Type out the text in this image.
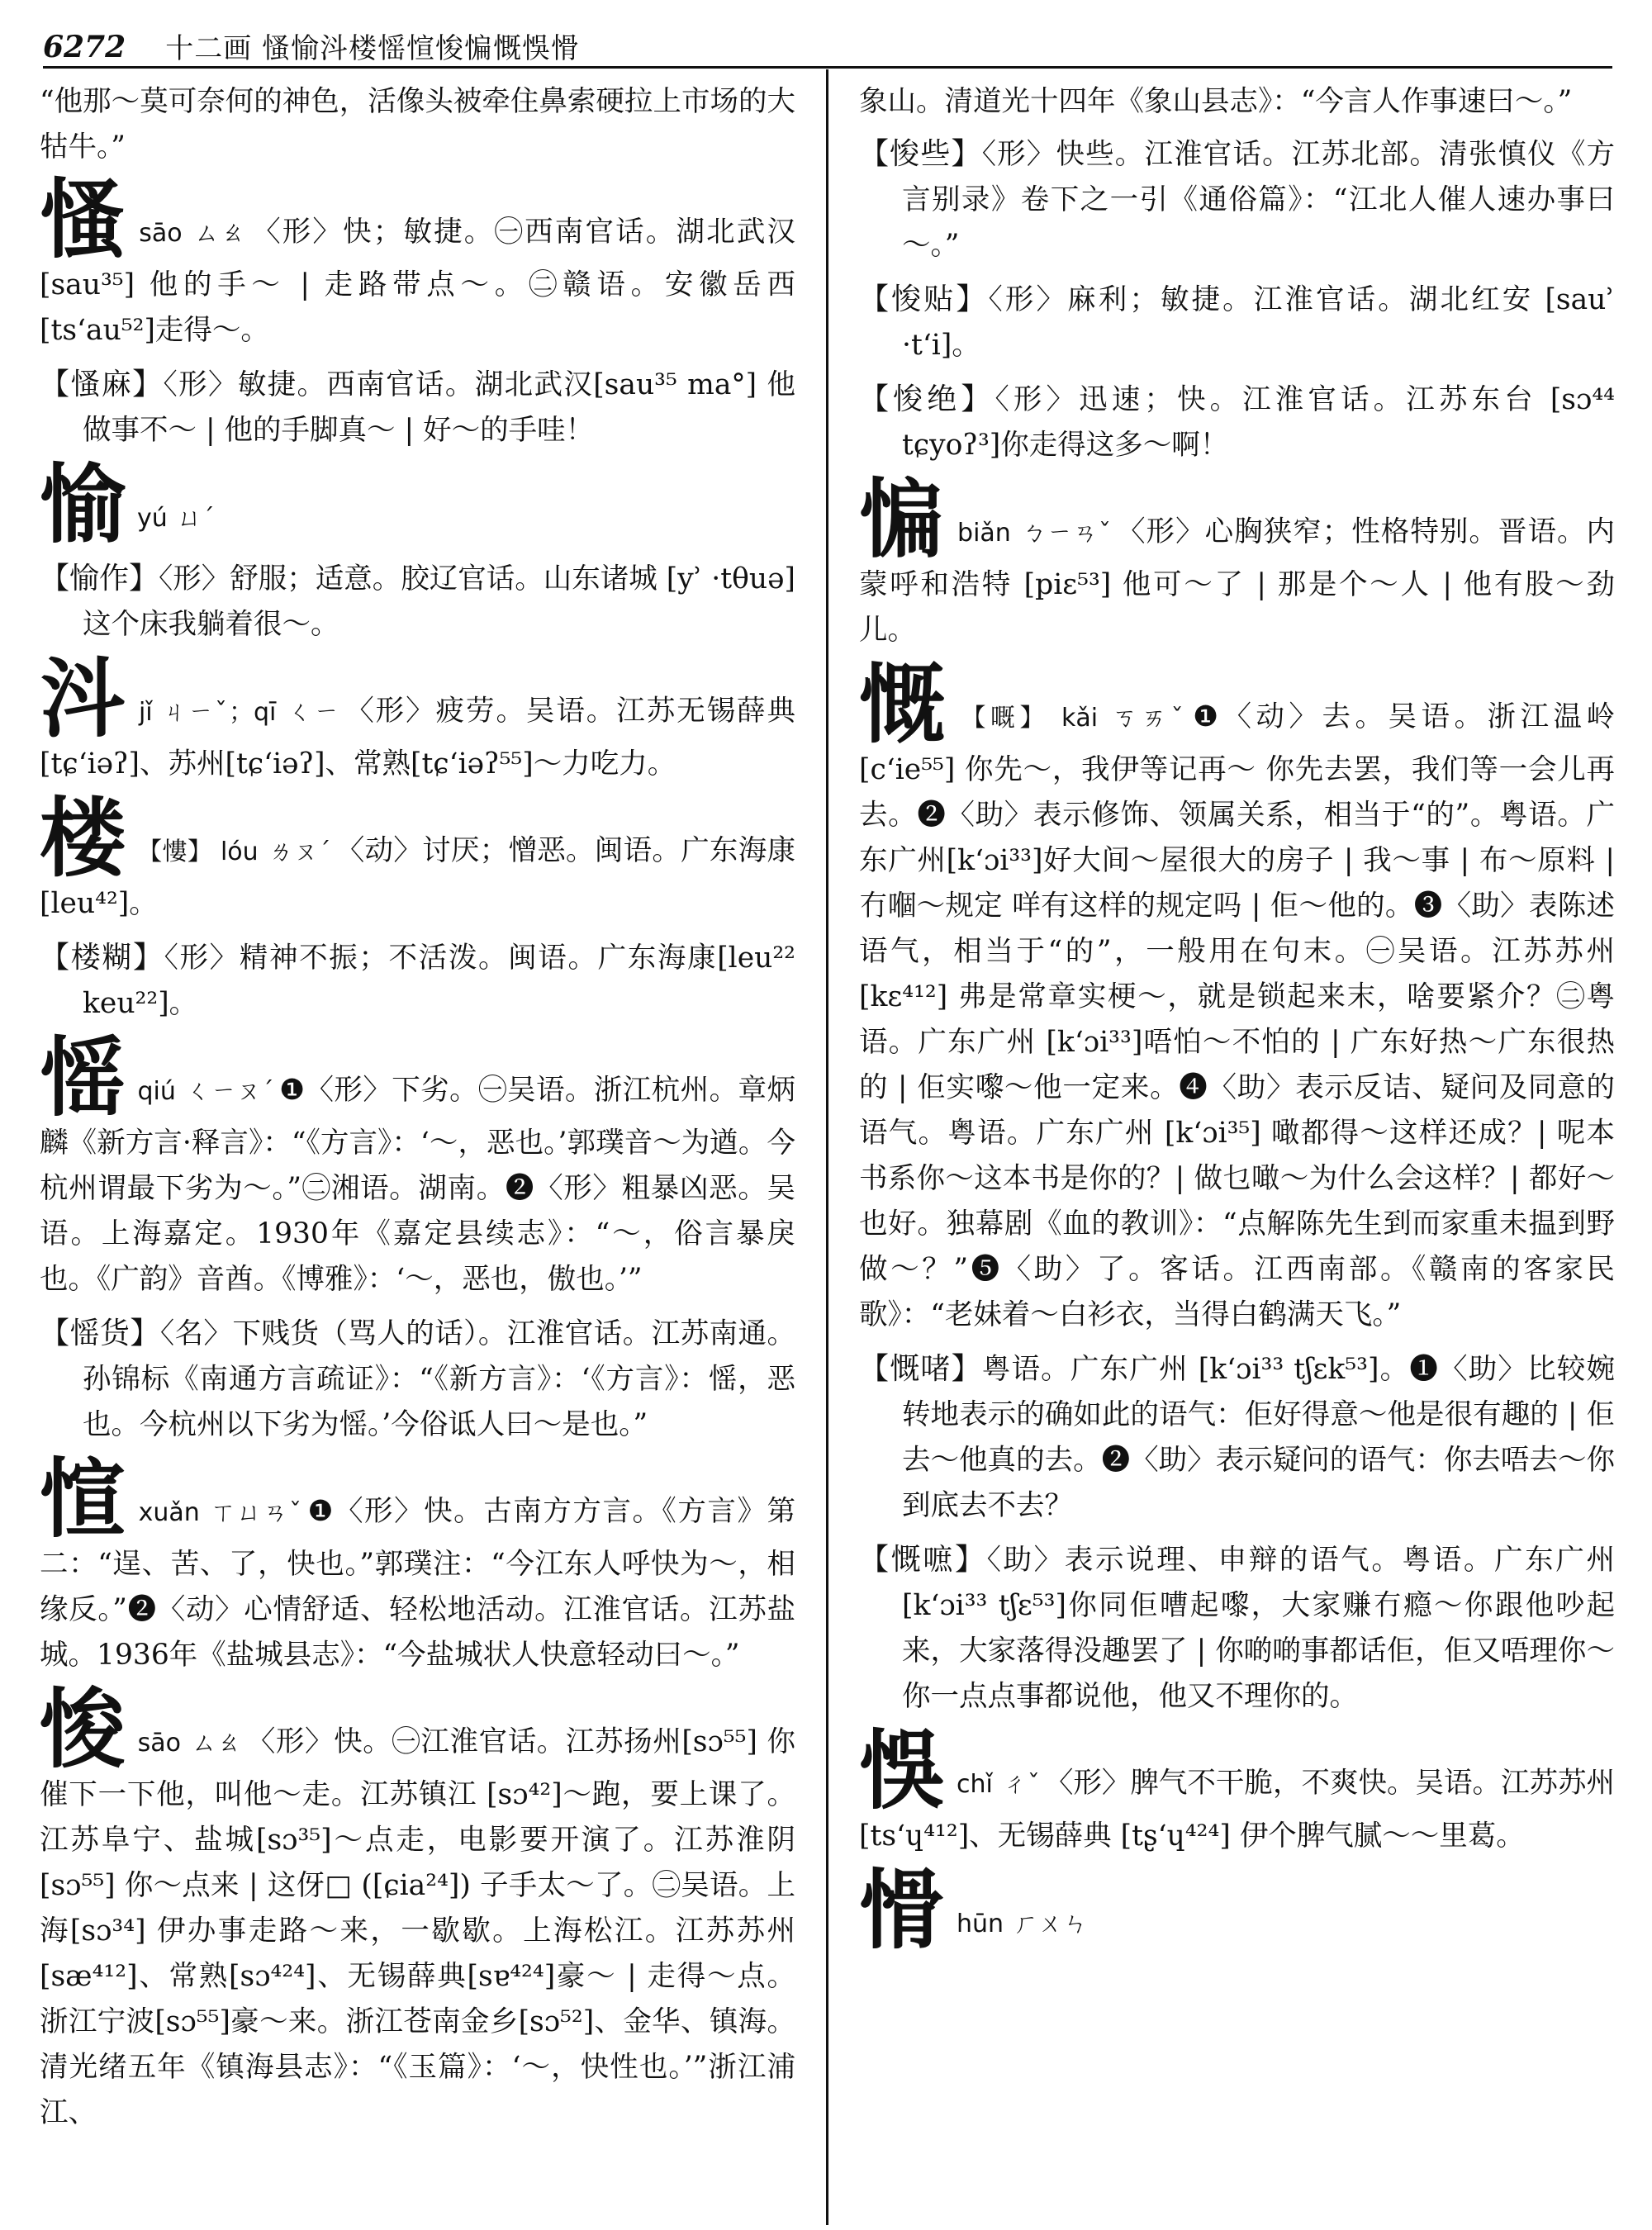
6272 十二画 慅愉㳆楼愮愃悛惼慨悞愲

“他那～莫可奈何的神色，活像头被牵住鼻索硬拉上市场的大牯牛。”

慅sāo ㄙㄠ 〈形〉快；敏捷。㊀西南官话。湖北武汉[sau³⁵] 他的手～ | 走路带点～。㊁赣语。安徽岳西[tsʻau⁵²]走得～。

【慅麻】〈形〉敏捷。西南官话。湖北武汉[sau³⁵ ma°] 他做事不～ | 他的手脚真～ | 好～的手哇！

愉yú ㄩˊ

【愉作】〈形〉舒服；适意。胶辽官话。山东诸城 [yʾ ·tθuə]这个床我躺着很～。

㳆jǐ ㄐㄧˇ；qī ㄑㄧ 〈形〉疲劳。吴语。江苏无锡薛典[tɕʻiəʔ]、苏州[tɕʻiəʔ]、常熟[tɕʻiəʔ⁵⁵]～力吃力。
楼 【慺】 lóu ㄌㄡˊ 〈动〉讨厌；憎恶。闽语。广东海康[leu⁴²]。

【楼糊】〈形〉精神不振；不活泼。闽语。广东海康[leu²² keu²²]。

愮qiú ㄑㄧㄡˊ ❶〈形〉下劣。㊀吴语。浙江杭州。章炳麟《新方言·释言》：“《方言》：‘～，恶也。’郭璞音～为遒。今杭州谓最下劣为～。”㊁湘语。湖南。❷〈形〉粗暴凶恶。吴语。上海嘉定。1930年《嘉定县续志》：“～，俗言暴戾也。《广韵》音酋。《博雅》：‘～，恶也，傲也。’”

【愮货】〈名〉下贱货（骂人的话）。江淮官话。江苏南通。孙锦标《南通方言疏证》：“《新方言》：‘《方言》：愮，恶也。今杭州以下劣为愮。’今俗诋人曰～是也。”

愃xuǎn ㄒㄩㄢˇ ❶〈形〉快。古南方方言。《方言》第二：“逞、苦、了，快也。”郭璞注：“今江东人呼快为～，相缘反。”❷〈动〉心情舒适、轻松地活动。江淮官话。江苏盐城。1936年《盐城县志》：“今盐城状人快意轻动曰～。”
悛sāo ㄙㄠ 〈形〉快。㊀江淮官话。江苏扬州[sɔ⁵⁵] 你催下一下他，叫他～走。江苏镇江 [sɔ⁴²]～跑，要上课了。江苏阜宁、盐城[sɔ³⁵]～点走，电影要开演了。江苏淮阴 [sɔ⁵⁵] 你～点来 | 这伢□ ([ɕia²⁴]) 子手太～了。㊁吴语。上海[sɔ³⁴] 伊办事走路～来，一歇歇。上海松江。江苏苏州[sæ⁴¹²]、常熟[sɔ⁴²⁴]、无锡薛典[sɐ⁴²⁴]豪～ | 走得～点。浙江宁波[sɔ⁵⁵]豪～来。浙江苍南金乡[sɔ⁵²]、金华、镇海。清光绪五年《镇海县志》：“《玉篇》：‘～，快性也。’”浙江浦江、

象山。清道光十四年《象山县志》：“今言人作事速曰～。”

【悛些】〈形〉快些。江淮官话。江苏北部。清张慎仪《方言别录》卷下之一引《通俗篇》：“江北人催人速办事曰～。”

【悛贴】〈形〉麻利；敏捷。江淮官话。湖北红安 [sauʾ ·tʻi]。

【悛绝】〈形〉迅速；快。江淮官话。江苏东台 [sɔ⁴⁴ tɕyoʔ³]你走得这多～啊！

惼biǎn ㄅㄧㄢˇ 〈形〉心胸狭窄；性格特别。晋语。内蒙呼和浩特 [piɛ⁵³] 他可～了 | 那是个～人 | 他有股～劲儿。
慨 【嘅】 kǎi ㄎㄞˇ ❶〈动〉去。吴语。浙江温岭[cʻie⁵⁵] 你先～，我伊等记再～ 你先去罢，我们等一会儿再去。❷〈助〉表示修饰、领属关系，相当于“的”。粤语。广东广州[kʻɔi³³]好大间～屋很大的房子 | 我～事 | 布～原料 | 冇嗰～规定 咩有这样的规定吗 | 佢～他的。❸〈助〉表陈述语气，相当于“的”，一般用在句末。㊀吴语。江苏苏州 [kɛ⁴¹²] 弗是常章实梗～，就是锁起来末，啥要紧介？㊁粤语。广东广州 [kʻɔi³³]唔怕～不怕的 | 广东好热～广东很热的 | 佢实嚟～他一定来。❹〈助〉表示反诘、疑问及同意的语气。粤语。广东广州 [kʻɔi³⁵] 噉都得～这样还成？| 呢本书系你～这本书是你的？| 做乜噉～为什么会这样？| 都好～也好。独幕剧《血的教训》：“点解陈先生到而家重未揾到野做～？”❺〈助〉了。客话。江西南部。《赣南的客家民歌》：“老妹着～白衫衣，当得白鹤满天飞。”

【慨啫】粤语。广东广州 [kʻɔi³³ tʃɛk⁵³]。❶〈助〉比较婉转地表示的确如此的语气：佢好得意～他是很有趣的 | 佢去～他真的去。❷〈助〉表示疑问的语气：你去唔去～你到底去不去？

【慨嗻】〈助〉表示说理、申辩的语气。粤语。广东广州 [kʻɔi³³ tʃɛ⁵³]你同佢嘈起嚟，大家赚冇瘾～你跟他吵起来，大家落得没趣罢了 | 你啲啲事都话佢，佢又唔理你～你一点点事都说他，他又不理你的。

悞chǐ ㄔˇ 〈形〉脾气不干脆，不爽快。吴语。江苏苏州[tsʻɥ⁴¹²]、无锡薛典 [tʂʻɥ⁴²⁴] 伊个脾气腻～～里葛。
愲hūn ㄏㄨㄣ
